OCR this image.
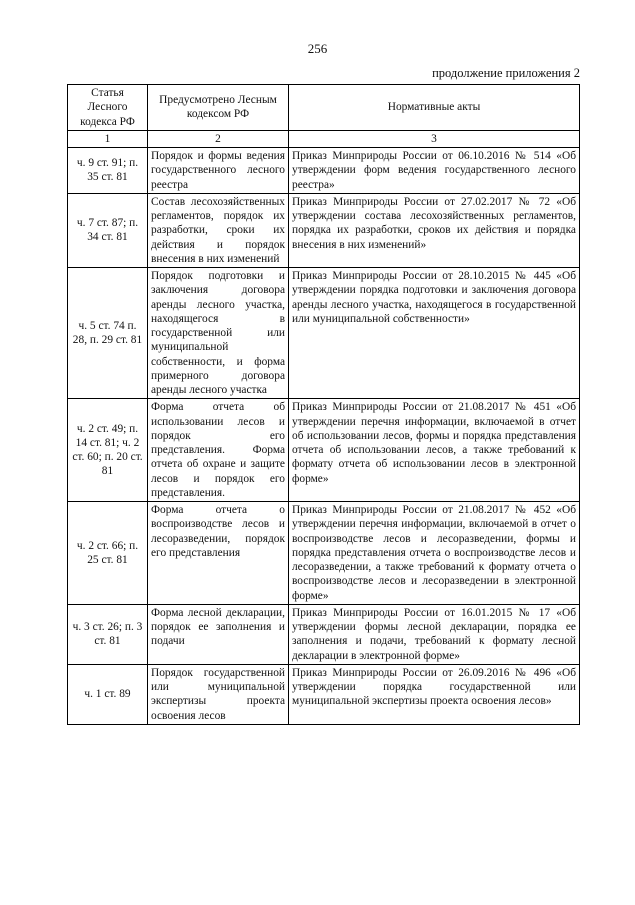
256
продолжение приложения 2
Статья Лесного кодекса РФ	Предусмотрено Лесным кодексом РФ	Нормативные акты
1	2	3
ч. 9 ст. 91; п. 35 ст. 81	Порядок и формы ведения государственного лесного реестра	Приказ Минприроды России от 06.10.2016 № 514 «Об утверждении форм ведения государственного лесного реестра»
ч. 7 ст. 87; п. 34 ст. 81	Состав лесохозяйственных регламентов, порядок их разработки, сроки их действия и порядок внесения в них изменений	Приказ Минприроды России от 27.02.2017 № 72 «Об утверждении состава лесохозяйственных регламентов, порядка их разработки, сроков их действия и порядка внесения в них изменений»
ч. 5 ст. 74 п. 28, п. 29 ст. 81	Порядок подготовки и заключения договора аренды лесного участка, находящегося в государственной или муниципальной собственности, и форма примерного договора аренды лесного участка	Приказ Минприроды России от 28.10.2015 № 445 «Об утверждении порядка подготовки и заключения договора аренды лесного участка, находящегося в государственной или муниципальной собственности»
ч. 2 ст. 49; п. 14 ст. 81; ч. 2 ст. 60; п. 20 ст. 81	Форма отчета об использовании лесов и порядок его представления. Форма отчета об охране и защите лесов и порядок его представления.	Приказ Минприроды России от 21.08.2017 № 451 «Об утверждении перечня информации, включаемой в отчет об использовании лесов, формы и порядка представления отчета об использовании лесов, а также требований к формату отчета об использовании лесов в электронной форме»
ч. 2 ст. 66; п. 25 ст. 81	Форма отчета о воспроизводстве лесов и лесоразведении, порядок его представления	Приказ Минприроды России от 21.08.2017 № 452 «Об утверждении перечня информации, включаемой в отчет о воспроизводстве лесов и лесоразведении, формы и порядка представления отчета о воспроизводстве лесов и лесоразведении, а также требований к формату отчета о воспроизводстве лесов и лесоразведении в электронной форме»
ч. 3 ст. 26; п. 3 ст. 81	Форма лесной декларации, порядок ее заполнения и подачи	Приказ Минприроды России от 16.01.2015 № 17 «Об утверждении формы лесной декларации, порядка ее заполнения и подачи, требований к формату лесной декларации в электронной форме»
ч. 1 ст. 89	Порядок государственной или муниципальной экспертизы проекта освоения лесов	Приказ Минприроды России от 26.09.2016 № 496 «Об утверждении порядка государственной или муниципальной экспертизы проекта освоения лесов»
